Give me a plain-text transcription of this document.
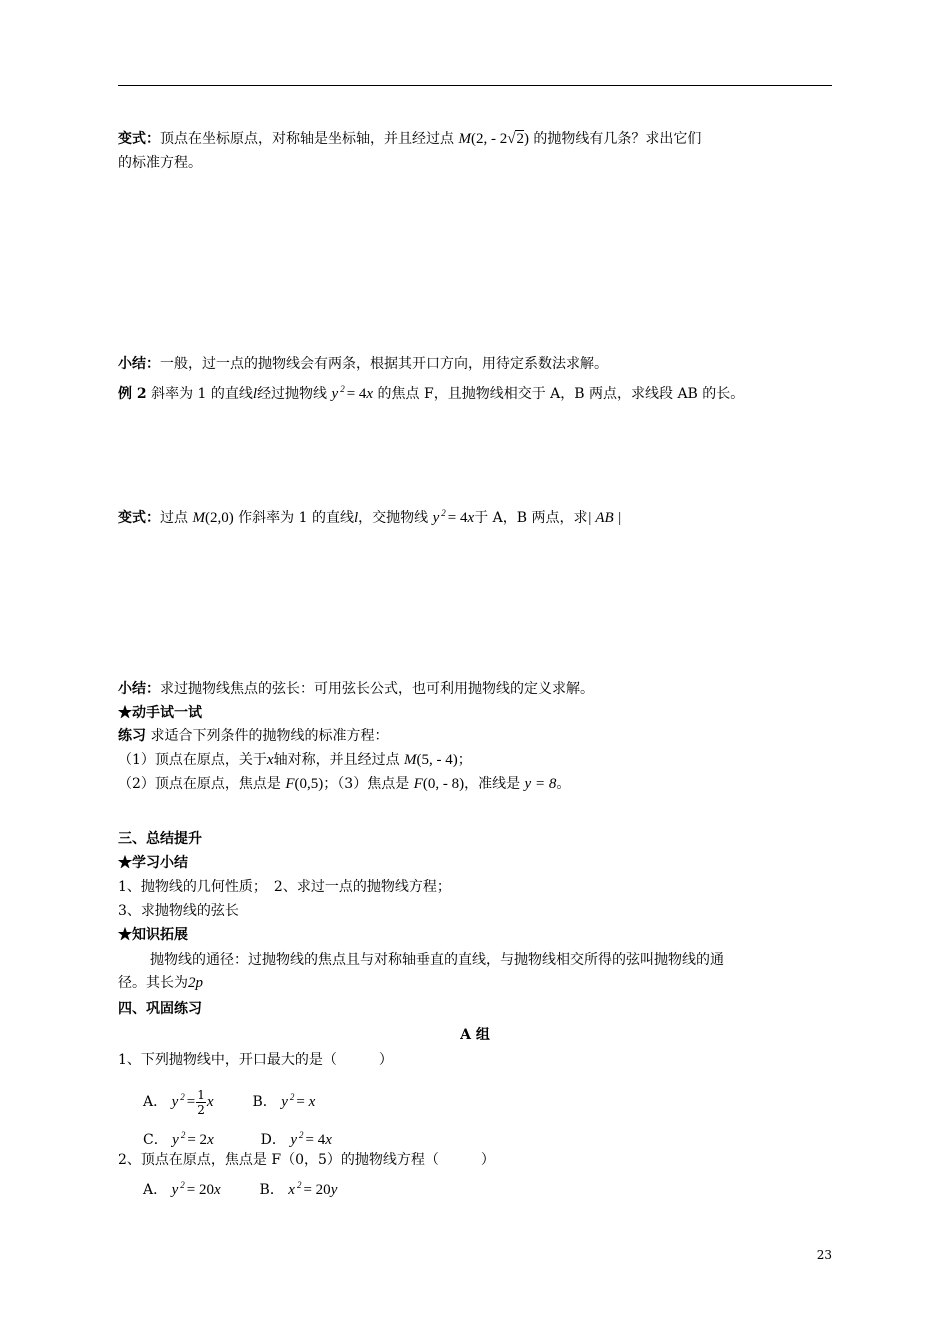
变式：顶点在坐标原点，对称轴是坐标轴，并且经过点 M(2, - 2√2) 的抛物线有几条？求出它们
的标准方程。
小结：一般，过一点的抛物线会有两条，根据其开口方向，用待定系数法求解。
例 2 斜率为 1 的直线l经过抛物线 y $^2$ = 4x 的焦点 F，且抛物线相交于 A，B 两点，求线段 AB 的长。
变式：过点 M(2,0) 作斜率为 1 的直线l，交抛物线 y $^2$ = 4x于 A，B 两点，求| AB |
小结：求过抛物线焦点的弦长：可用弦长公式，也可利用抛物线的定义求解。
★动手试一试
练习 求适合下列条件的抛物线的标准方程：
（1）顶点在原点，关于x轴对称，并且经过点 M(5, - 4)；
（2）顶点在原点，焦点是 F(0,5)；（3）焦点是 F(0, - 8)，准线是 y = 8。
三、总结提升
★学习小结
1、抛物线的几何性质；　2、求过一点的抛物线方程；
3、求抛物线的弦长
★知识拓展
抛物线的通径：过抛物线的焦点且与对称轴垂直的直线，与抛物线相交所得的弦叫抛物线的通
径。其长为2p
四、巩固练习
A 组
1、下列抛物线中，开口最大的是（　　　）
A． y $^2 = \frac{1}{2}$ x	B． y $^2$ = x
C． y $^2$ = 2x	D． y $^2$ = 4x
2、顶点在原点，焦点是 F（0，5）的抛物线方程（　　　）
A． y $^2$ = 20x	B． x $^2$ = 20y
23
